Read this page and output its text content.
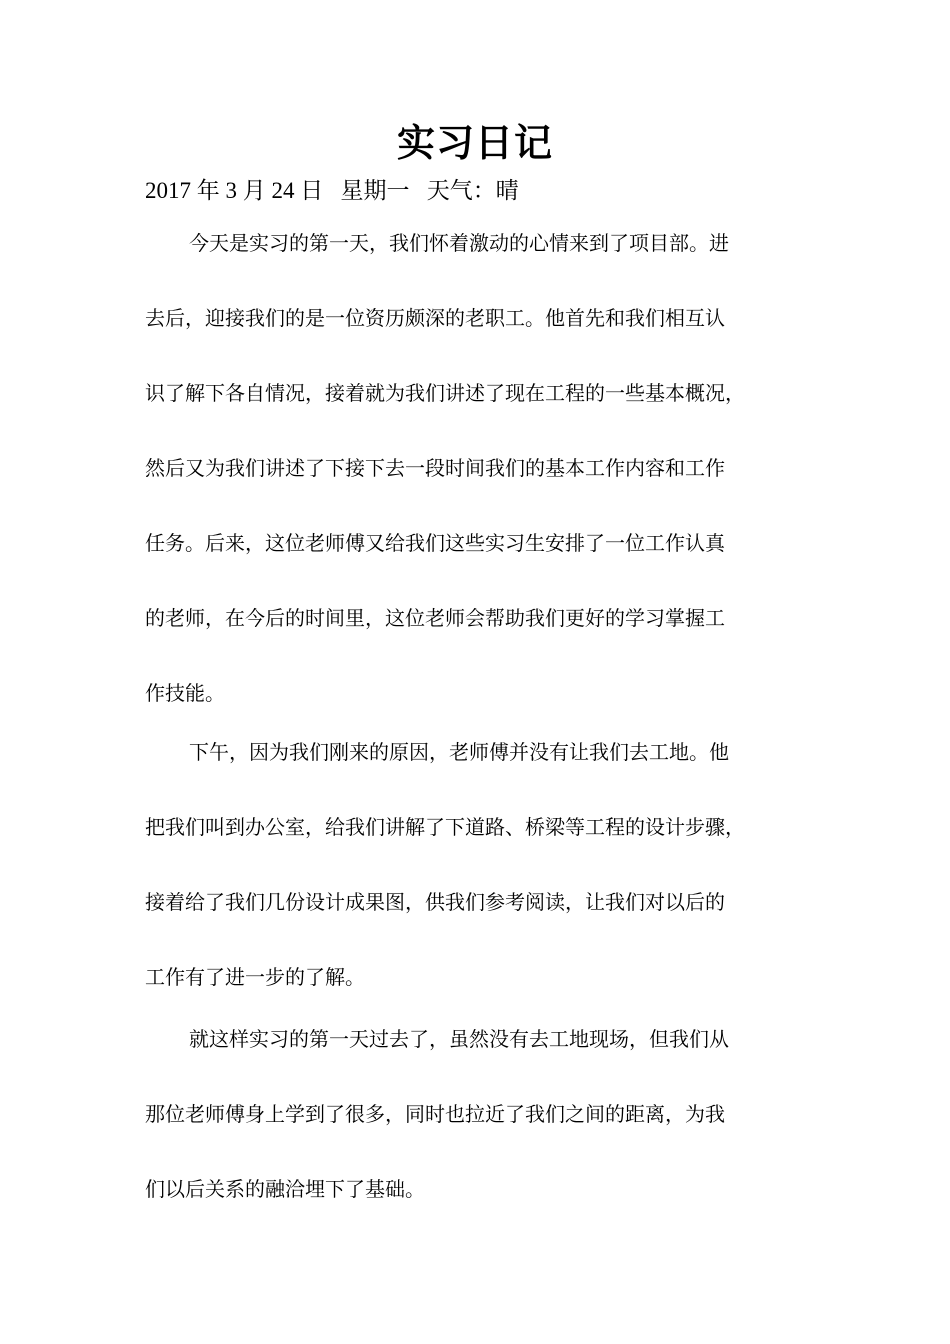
实习日记
2017 年 3 月 24 日   星期一   天气：晴
今天是实习的第一天，我们怀着激动的心情来到了项目部。进
去后，迎接我们的是一位资历颇深的老职工。他首先和我们相互认
识了解下各自情况，接着就为我们讲述了现在工程的一些基本概况，
然后又为我们讲述了下接下去一段时间我们的基本工作内容和工作
任务。后来，这位老师傅又给我们这些实习生安排了一位工作认真
的老师，在今后的时间里，这位老师会帮助我们更好的学习掌握工
作技能。
下午，因为我们刚来的原因，老师傅并没有让我们去工地。他
把我们叫到办公室，给我们讲解了下道路、桥梁等工程的设计步骤，
接着给了我们几份设计成果图，供我们参考阅读，让我们对以后的
工作有了进一步的了解。
就这样实习的第一天过去了，虽然没有去工地现场，但我们从
那位老师傅身上学到了很多，同时也拉近了我们之间的距离，为我
们以后关系的融洽埋下了基础。
